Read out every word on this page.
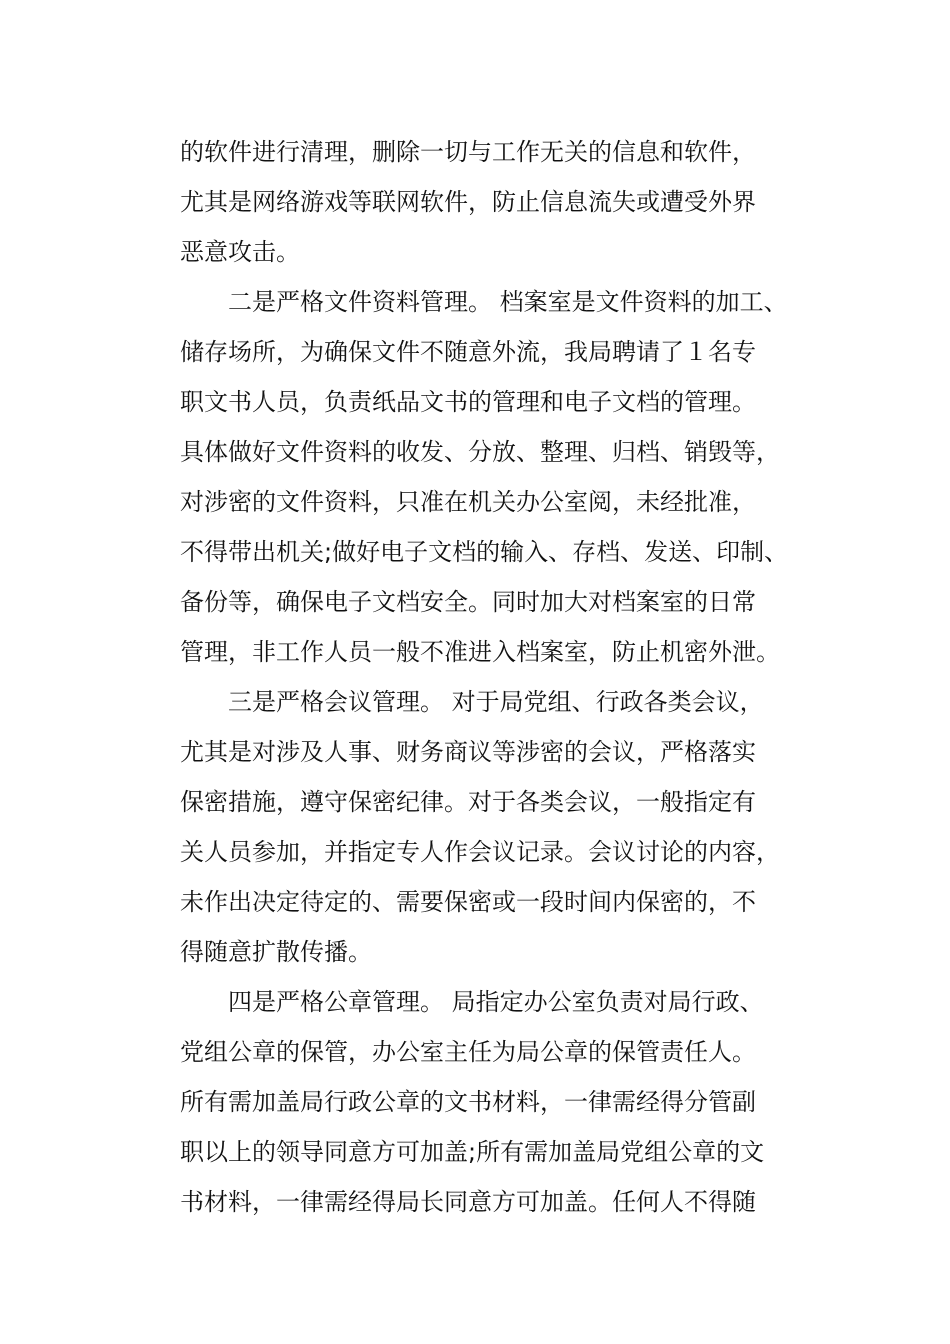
的软件进行清理，删除一切与工作无关的信息和软件，

尤其是网络游戏等联网软件，防止信息流失或遭受外界

恶意攻击。

二是严格文件资料管理。 档案室是文件资料的加工、

储存场所，为确保文件不随意外流，我局聘请了１名专

职文书人员，负责纸品文书的管理和电子文档的管理。

具体做好文件资料的收发、分放、整理、归档、销毁等，

对涉密的文件资料，只准在机关办公室阅，未经批准，

不得带出机关;做好电子文档的输入、存档、发送、印制、

备份等，确保电子文档安全。同时加大对档案室的日常

管理，非工作人员一般不准进入档案室，防止机密外泄。

三是严格会议管理。 对于局党组、行政各类会议，

尤其是对涉及人事、财务商议等涉密的会议，严格落实

保密措施，遵守保密纪律。对于各类会议，一般指定有

关人员参加，并指定专人作会议记录。会议讨论的内容，

未作出决定待定的、需要保密或一段时间内保密的，不

得随意扩散传播。

四是严格公章管理。 局指定办公室负责对局行政、

党组公章的保管，办公室主任为局公章的保管责任人。

所有需加盖局行政公章的文书材料，一律需经得分管副

职以上的领导同意方可加盖;所有需加盖局党组公章的文

书材料，一律需经得局长同意方可加盖。任何人不得随
